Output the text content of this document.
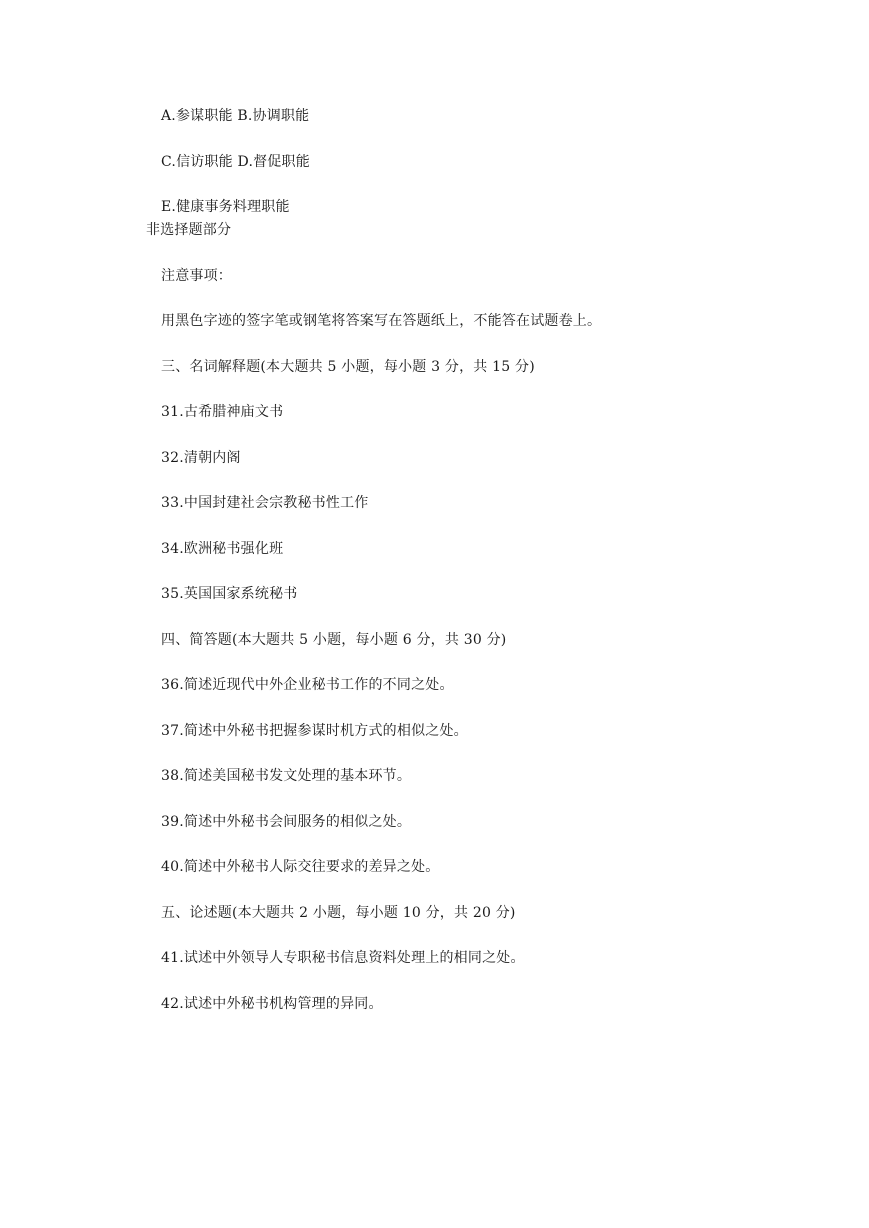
A.参谋职能 B.协调职能
C.信访职能 D.督促职能
E.健康事务料理职能
非选择题部分
注意事项：
用黑色字迹的签字笔或钢笔将答案写在答题纸上，不能答在试题卷上。
三、名词解释题(本大题共 5 小题，每小题 3 分，共 15 分)
31.古希腊神庙文书
32.清朝内阁
33.中国封建社会宗教秘书性工作
34.欧洲秘书强化班
35.英国国家系统秘书
四、简答题(本大题共 5 小题，每小题 6 分，共 30 分)
36.简述近现代中外企业秘书工作的不同之处。
37.简述中外秘书把握参谋时机方式的相似之处。
38.简述美国秘书发文处理的基本环节。
39.简述中外秘书会间服务的相似之处。
40.简述中外秘书人际交往要求的差异之处。
五、论述题(本大题共 2 小题，每小题 10 分，共 20 分)
41.试述中外领导人专职秘书信息资料处理上的相同之处。
42.试述中外秘书机构管理的异同。
